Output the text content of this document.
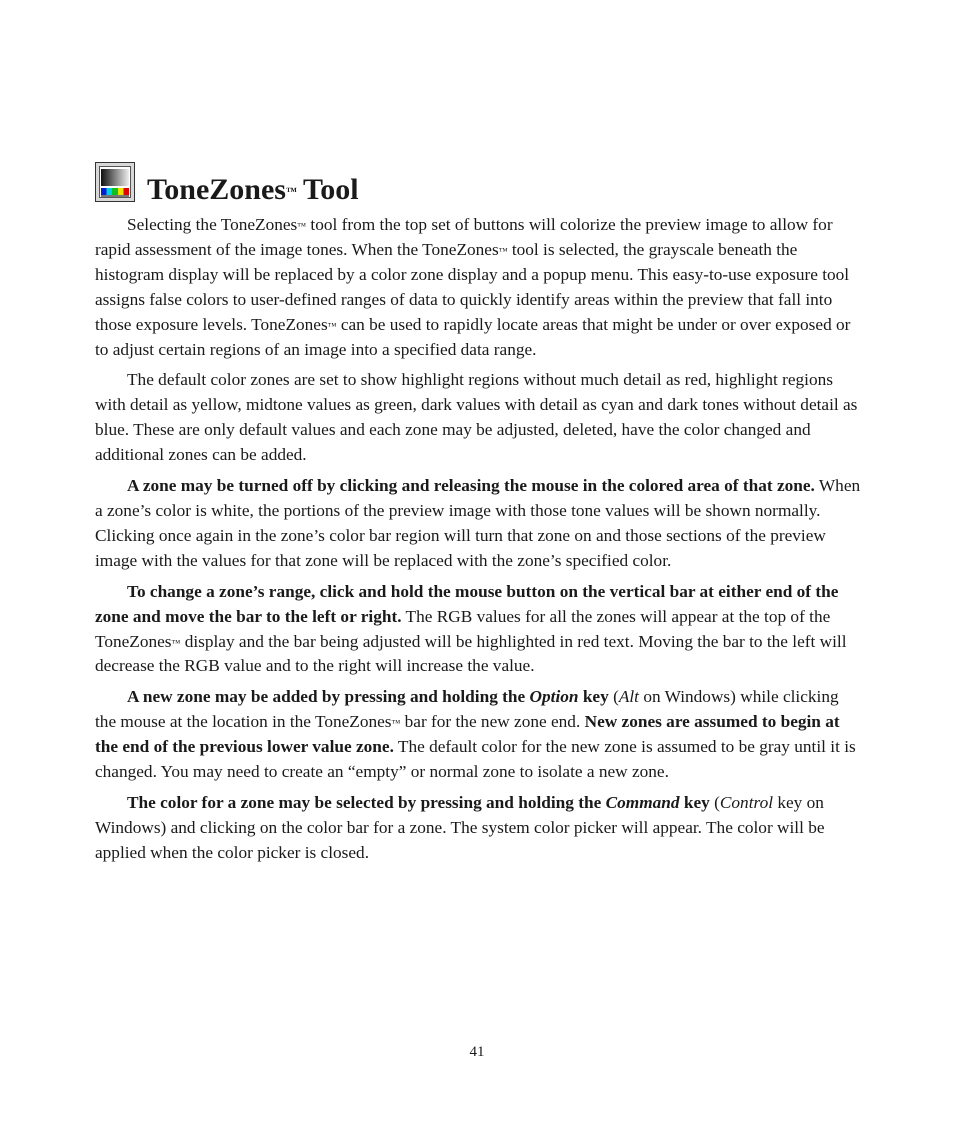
ToneZones™ Tool

Selecting the ToneZones™ tool from the top set of buttons will colorize the preview image to allow for rapid assessment of the image tones. When the ToneZones™ tool is selected, the grayscale beneath the histogram display will be replaced by a color zone display and a popup menu. This easy-to-use exposure tool assigns false colors to user-defined ranges of data to quickly identify areas within the preview that fall into those exposure levels. ToneZones™ can be used to rapidly locate areas that might be under or over exposed or to adjust certain regions of an image into a specified data range.

The default color zones are set to show highlight regions without much detail as red, highlight regions with detail as yellow, midtone values as green, dark values with detail as cyan and dark tones without detail as blue. These are only default values and each zone may be adjusted, deleted, have the color changed and additional zones can be added.

A zone may be turned off by clicking and releasing the mouse in the colored area of that zone. When a zone’s color is white, the portions of the preview image with those tone values will be shown normally. Clicking once again in the zone’s color bar region will turn that zone on and those sections of the preview image with the values for that zone will be replaced with the zone’s specified color.

To change a zone’s range, click and hold the mouse button on the vertical bar at either end of the zone and move the bar to the left or right. The RGB values for all the zones will appear at the top of the ToneZones™ display and the bar being adjusted will be highlighted in red text. Moving the bar to the left will decrease the RGB value and to the right will increase the value.

A new zone may be added by pressing and holding the Option key (Alt on Windows) while clicking the mouse at the location in the ToneZones™ bar for the new zone end. New zones are assumed to begin at the end of the previous lower value zone. The default color for the new zone is assumed to be gray until it is changed. You may need to create an “empty” or normal zone to isolate a new zone.

The color for a zone may be selected by pressing and holding the Command key (Control key on Windows) and clicking on the color bar for a zone. The system color picker will appear. The color will be applied when the color picker is closed.

41
